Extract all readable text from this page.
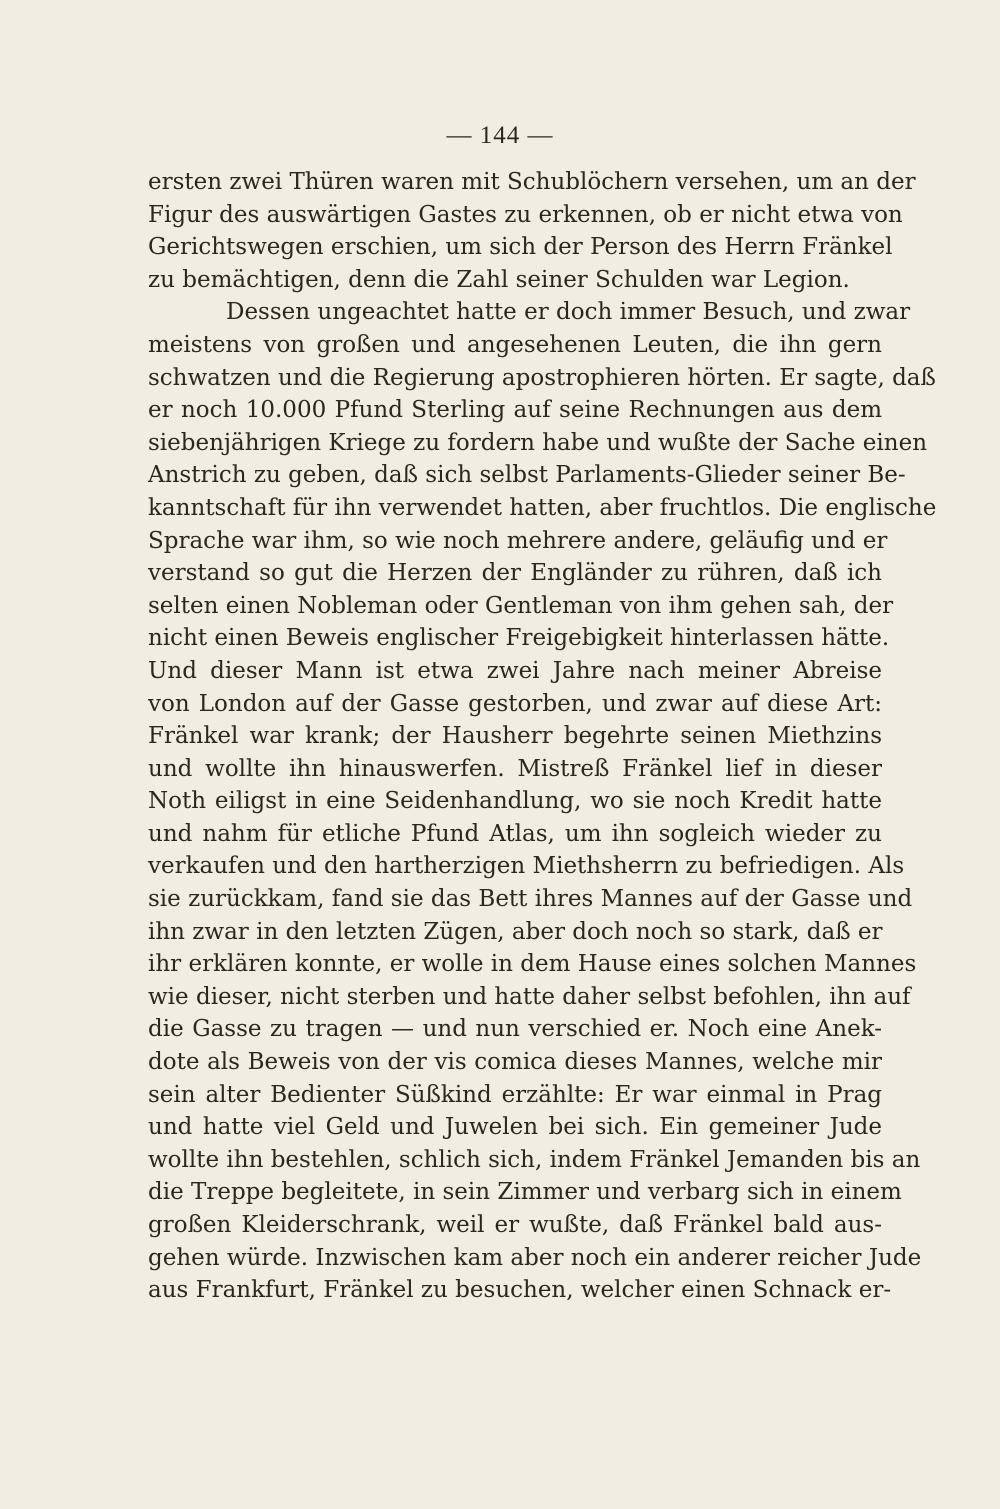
— 144 —
ersten zwei Thüren waren mit Schublöchern versehen, um an der
Figur des auswärtigen Gastes zu erkennen, ob er nicht etwa von
Gerichtswegen erschien, um sich der Person des Herrn Fränkel
zu bemächtigen, denn die Zahl seiner Schulden war Legion.
Dessen ungeachtet hatte er doch immer Besuch, und zwar
meistens von großen und angesehenen Leuten, die ihn gern
schwatzen und die Regierung apostrophieren hörten. Er sagte, daß
er noch 10.000 Pfund Sterling auf seine Rechnungen aus dem
siebenjährigen Kriege zu fordern habe und wußte der Sache einen
Anstrich zu geben, daß sich selbst Parlaments-Glieder seiner Be-
kanntschaft für ihn verwendet hatten, aber fruchtlos. Die englische
Sprache war ihm, so wie noch mehrere andere, geläufig und er
verstand so gut die Herzen der Engländer zu rühren, daß ich
selten einen Nobleman oder Gentleman von ihm gehen sah, der
nicht einen Beweis englischer Freigebigkeit hinterlassen hätte.
Und dieser Mann ist etwa zwei Jahre nach meiner Abreise
von London auf der Gasse gestorben, und zwar auf diese Art:
Fränkel war krank; der Hausherr begehrte seinen Miethzins
und wollte ihn hinauswerfen. Mistreß Fränkel lief in dieser
Noth eiligst in eine Seidenhandlung, wo sie noch Kredit hatte
und nahm für etliche Pfund Atlas, um ihn sogleich wieder zu
verkaufen und den hartherzigen Miethsherrn zu befriedigen. Als
sie zurückkam, fand sie das Bett ihres Mannes auf der Gasse und
ihn zwar in den letzten Zügen, aber doch noch so stark, daß er
ihr erklären konnte, er wolle in dem Hause eines solchen Mannes
wie dieser, nicht sterben und hatte daher selbst befohlen, ihn auf
die Gasse zu tragen — und nun verschied er. Noch eine Anek-
dote als Beweis von der vis comica dieses Mannes, welche mir
sein alter Bedienter Süßkind erzählte: Er war einmal in Prag
und hatte viel Geld und Juwelen bei sich. Ein gemeiner Jude
wollte ihn bestehlen, schlich sich, indem Fränkel Jemanden bis an
die Treppe begleitete, in sein Zimmer und verbarg sich in einem
großen Kleiderschrank, weil er wußte, daß Fränkel bald aus-
gehen würde. Inzwischen kam aber noch ein anderer reicher Jude
aus Frankfurt, Fränkel zu besuchen, welcher einen Schnack er-
